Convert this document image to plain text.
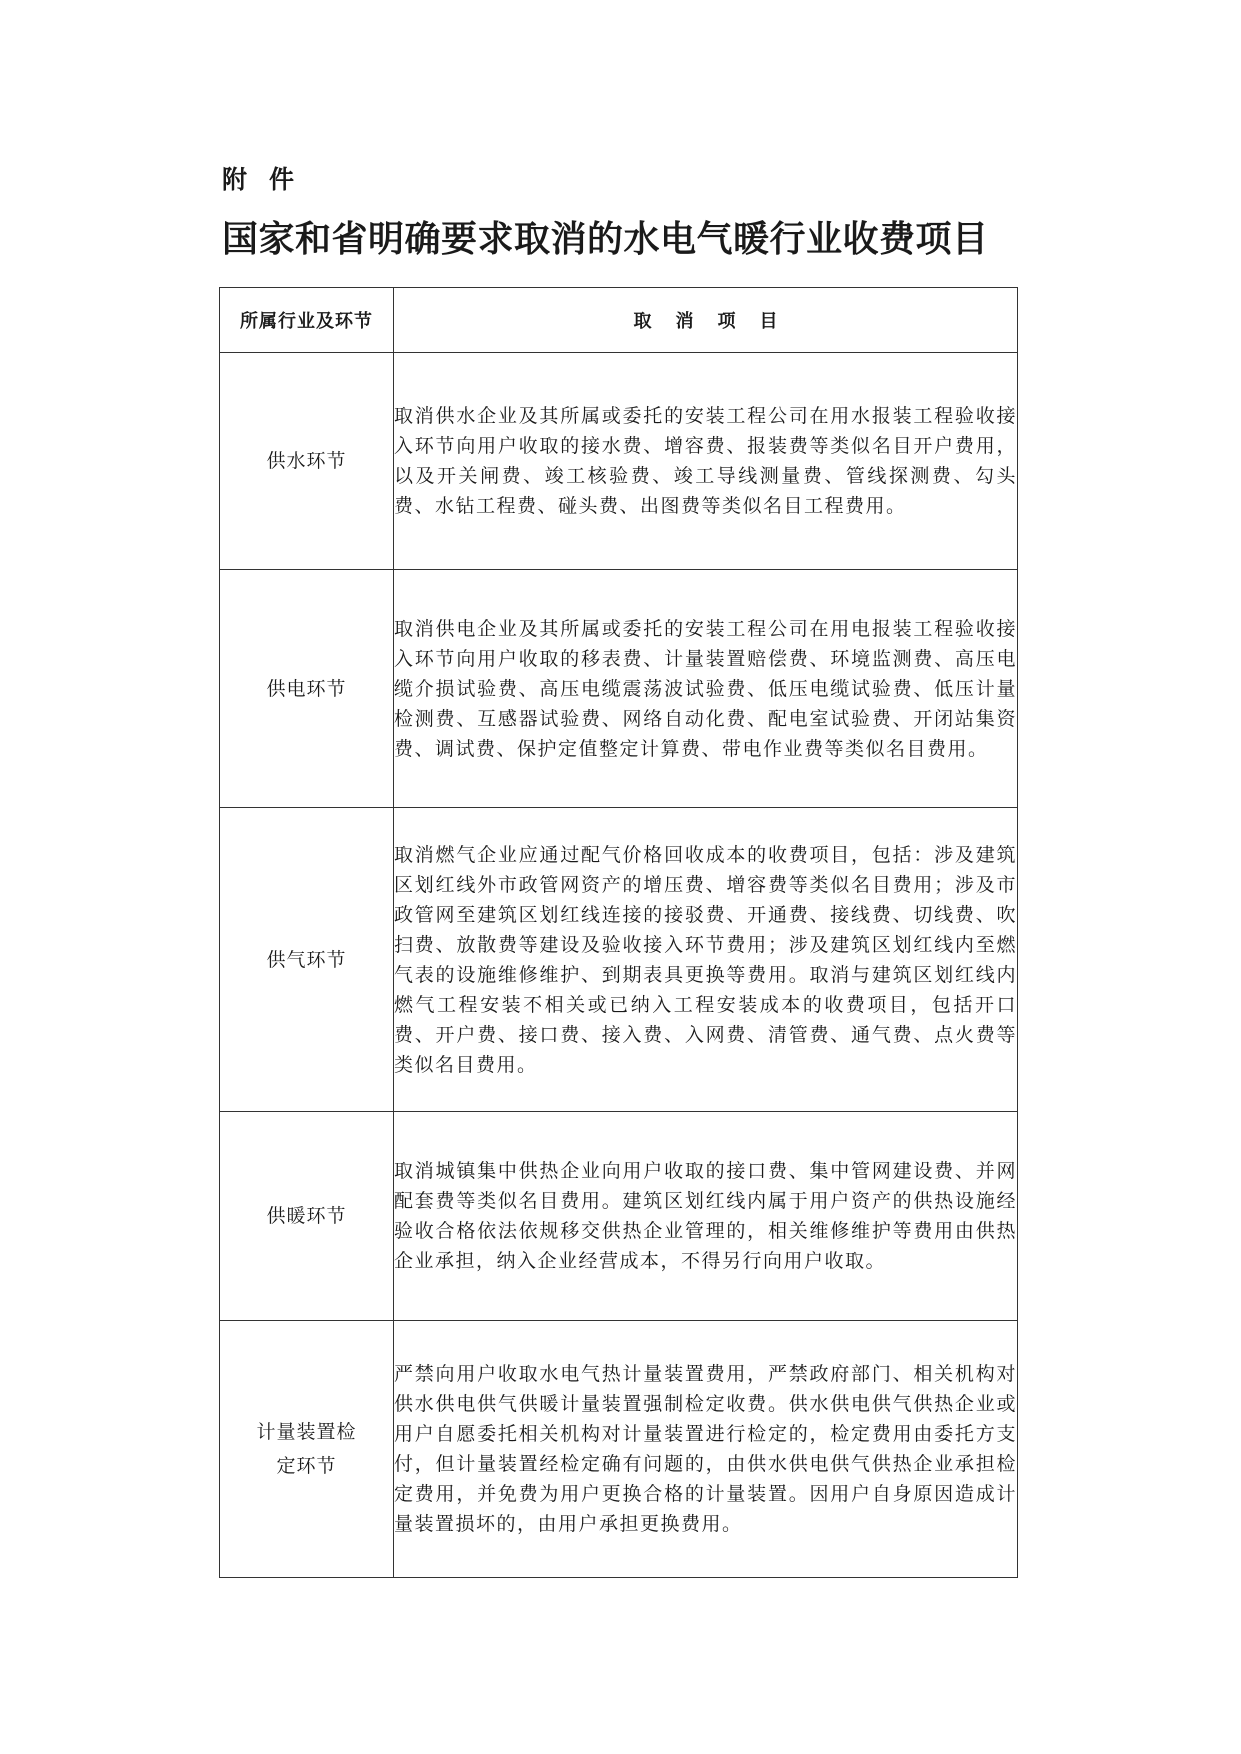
附件
国家和省明确要求取消的水电气暖行业收费项目
所属行业及环节	取消项目
供水环节	取消供水企业及其所属或委托的安装工程公司在用水报装工程验收接入环节向用户收取的接水费、增容费、报装费等类似名目开户费用，以及开关闸费、竣工核验费、竣工导线测量费、管线探测费、勾头费、水钻工程费、碰头费、出图费等类似名目工程费用。
供电环节	取消供电企业及其所属或委托的安装工程公司在用电报装工程验收接入环节向用户收取的移表费、计量装置赔偿费、环境监测费、高压电缆介损试验费、高压电缆震荡波试验费、低压电缆试验费、低压计量检测费、互感器试验费、网络自动化费、配电室试验费、开闭站集资费、调试费、保护定值整定计算费、带电作业费等类似名目费用。
供气环节	取消燃气企业应通过配气价格回收成本的收费项目，包括：涉及建筑区划红线外市政管网资产的增压费、增容费等类似名目费用；涉及市政管网至建筑区划红线连接的接驳费、开通费、接线费、切线费、吹扫费、放散费等建设及验收接入环节费用；涉及建筑区划红线内至燃气表的设施维修维护、到期表具更换等费用。取消与建筑区划红线内燃气工程安装不相关或已纳入工程安装成本的收费项目，包括开口费、开户费、接口费、接入费、入网费、清管费、通气费、点火费等类似名目费用。
供暖环节	取消城镇集中供热企业向用户收取的接口费、集中管网建设费、并网配套费等类似名目费用。建筑区划红线内属于用户资产的供热设施经验收合格依法依规移交供热企业管理的，相关维修维护等费用由供热企业承担，纳入企业经营成本，不得另行向用户收取。
计量装置检定环节	严禁向用户收取水电气热计量装置费用，严禁政府部门、相关机构对供水供电供气供暖计量装置强制检定收费。供水供电供气供热企业或用户自愿委托相关机构对计量装置进行检定的，检定费用由委托方支付，但计量装置经检定确有问题的，由供水供电供气供热企业承担检定费用，并免费为用户更换合格的计量装置。因用户自身原因造成计量装置损坏的，由用户承担更换费用。
